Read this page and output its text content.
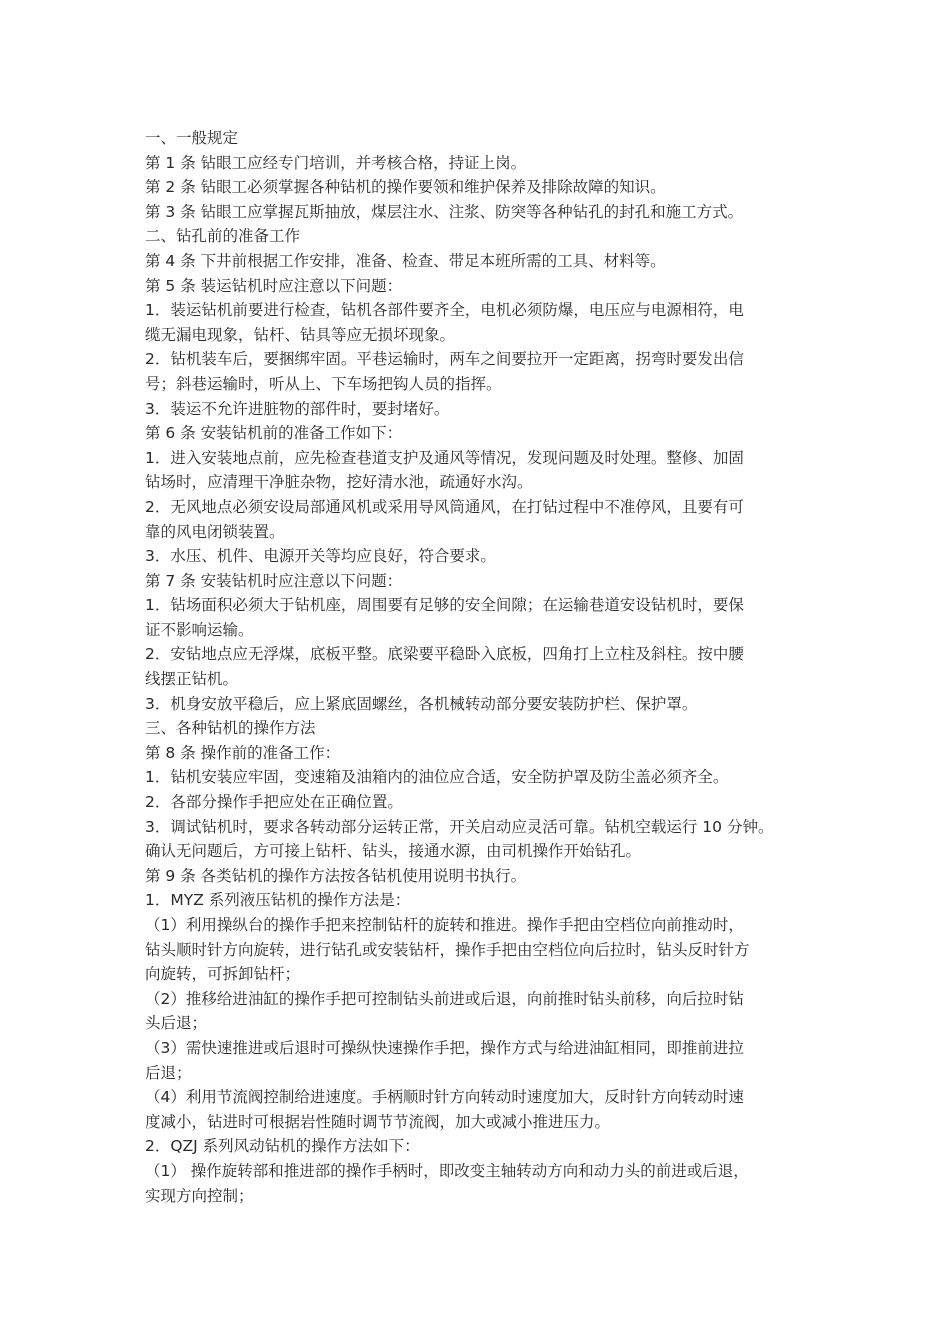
一、一般规定
第 1 条 钻眼工应经专门培训，并考核合格，持证上岗。
第 2 条 钻眼工必须掌握各种钻机的操作要领和维护保养及排除故障的知识。
第 3 条 钻眼工应掌握瓦斯抽放，煤层注水、注浆、防突等各种钻孔的封孔和施工方式。
二、钻孔前的准备工作
第 4 条 下井前根据工作安排，准备、检查、带足本班所需的工具、材料等。
第 5 条 装运钻机时应注意以下问题：
1．装运钻机前要进行检查，钻机各部件要齐全，电机必须防爆，电压应与电源相符，电
缆无漏电现象，钻杆、钻具等应无损坏现象。
2．钻机装车后，要捆绑牢固。平巷运输时，两车之间要拉开一定距离，拐弯时要发出信
号；斜巷运输时，听从上、下车场把钩人员的指挥。
3．装运不允许进脏物的部件时，要封堵好。
第 6 条 安装钻机前的准备工作如下：
1．进入安装地点前，应先检查巷道支护及通风等情况，发现问题及时处理。整修、加固
钻场时，应清理干净脏杂物，挖好清水池，疏通好水沟。
2．无风地点必须安设局部通风机或采用导风筒通风，在打钻过程中不准停风，且要有可
靠的风电闭锁装置。
3．水压、机件、电源开关等均应良好，符合要求。
第 7 条 安装钻机时应注意以下问题：
1．钻场面积必须大于钻机座，周围要有足够的安全间隙；在运输巷道安设钻机时，要保
证不影响运输。
2．安钻地点应无浮煤，底板平整。底梁要平稳卧入底板，四角打上立柱及斜柱。按中腰
线摆正钻机。
3．机身安放平稳后，应上紧底固螺丝，各机械转动部分要安装防护栏、保护罩。
三、各种钻机的操作方法
第 8 条 操作前的准备工作：
1．钻机安装应牢固，变速箱及油箱内的油位应合适，安全防护罩及防尘盖必须齐全。
2．各部分操作手把应处在正确位置。
3．调试钻机时，要求各转动部分运转正常，开关启动应灵活可靠。钻机空载运行 10 分钟。
确认无问题后，方可接上钻杆、钻头，接通水源，由司机操作开始钻孔。
第 9 条 各类钻机的操作方法按各钻机使用说明书执行。
1．MYZ 系列液压钻机的操作方法是：
（1）利用操纵台的操作手把来控制钻杆的旋转和推进。操作手把由空档位向前推动时，
钻头顺时针方向旋转，进行钻孔或安装钻杆，操作手把由空档位向后拉时，钻头反时针方
向旋转，可拆卸钻杆；
（2）推移给进油缸的操作手把可控制钻头前进或后退，向前推时钻头前移，向后拉时钻
头后退；
（3）需快速推进或后退时可操纵快速操作手把，操作方式与给进油缸相同，即推前进拉
后退；
（4）利用节流阀控制给进速度。手柄顺时针方向转动时速度加大，反时针方向转动时速
度减小，钻进时可根据岩性随时调节节流阀，加大或减小推进压力。
2．QZJ 系列风动钻机的操作方法如下：
（1） 操作旋转部和推进部的操作手柄时，即改变主轴转动方向和动力头的前进或后退，
实现方向控制；
